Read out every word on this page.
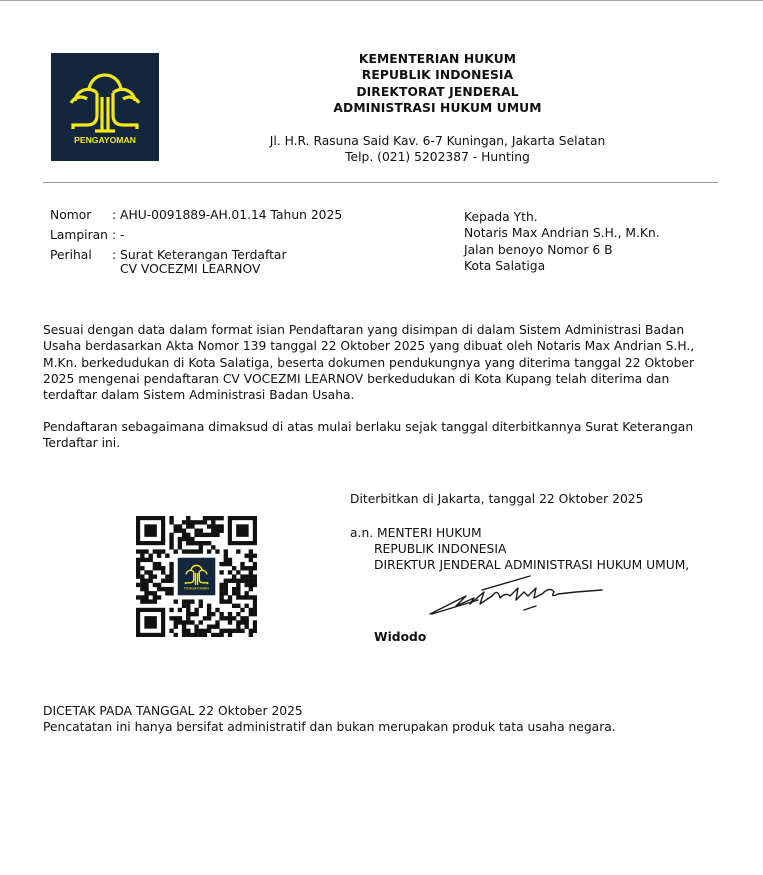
PENGAYOMAN
KEMENTERIAN HUKUM
REPUBLIK INDONESIA
DIREKTORAT JENDERAL
ADMINISTRASI HUKUM UMUM
Jl. H.R. Rasuna Said Kav. 6-7 Kuningan, Jakarta Selatan
Telp. (021) 5202387 - Hunting
Nomor	: AHU-0091889-AH.01.14 Tahun 2025
Lampiran : -
Perihal	: Surat Keterangan Terdaftar
CV VOCEZMI LEARNOV
Kepada Yth.
Notaris Max Andrian S.H., M.Kn.
Jalan benoyo Nomor 6 B
Kota Salatiga
Sesuai dengan data dalam format isian Pendaftaran yang disimpan di dalam Sistem Administrasi Badan Usaha berdasarkan Akta Nomor 139 tanggal 22 Oktober 2025 yang dibuat oleh Notaris Max Andrian S.H., M.Kn. berkedudukan di Kota Salatiga, beserta dokumen pendukungnya yang diterima tanggal 22 Oktober 2025 mengenai pendaftaran CV VOCEZMI LEARNOV berkedudukan di Kota Kupang telah diterima dan terdaftar dalam Sistem Administrasi Badan Usaha.
Pendaftaran sebagaimana dimaksud di atas mulai berlaku sejak tanggal diterbitkannya Surat Keterangan Terdaftar ini.
PENGAYOMAN
Diterbitkan di Jakarta, tanggal 22 Oktober 2025
a.n. MENTERI HUKUM
REPUBLIK INDONESIA
DIREKTUR JENDERAL ADMINISTRASI HUKUM UMUM,
Widodo
DICETAK PADA TANGGAL 22 Oktober 2025
Pencatatan ini hanya bersifat administratif dan bukan merupakan produk tata usaha negara.
